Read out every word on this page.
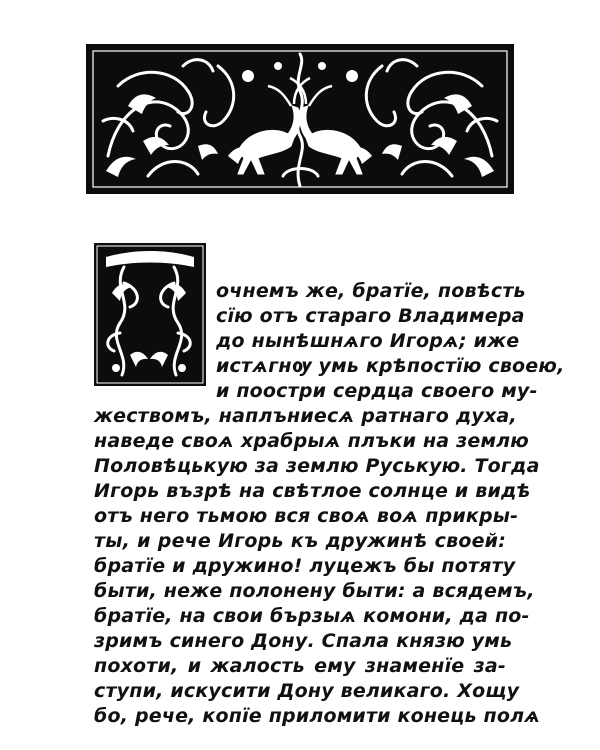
очнемъ же, братїе, повѣсть
сїю отъ стараго Владимера
до нынѣшнѧго Игорѧ; иже
истѧгнѹ умь крѣпостїю своею,
и поостри сердца своего му-
жествомъ, наплъниесѧ ратнаго духа,
наведе своѧ храбрыѧ плъки на землю
Половѣцькую за землю Руськую. Тогда
Игорь възрѣ на свѣтлое солнце и видѣ
отъ него тьмою вся своѧ воѧ прикры-
ты, и рече Игорь къ дружинѣ своей:
братїе и дружино! луцежъ бы потяту
быти, неже полонену быти: а всядемъ,
братїе, на свои бързыѧ комони, да по-
зримъ синего Дону. Спала князю умь
похоти, и жалость ему знаменїе за-
ступи, искусити Дону великаго. Хощу
бо, рече, копїе приломити конець полѧ
